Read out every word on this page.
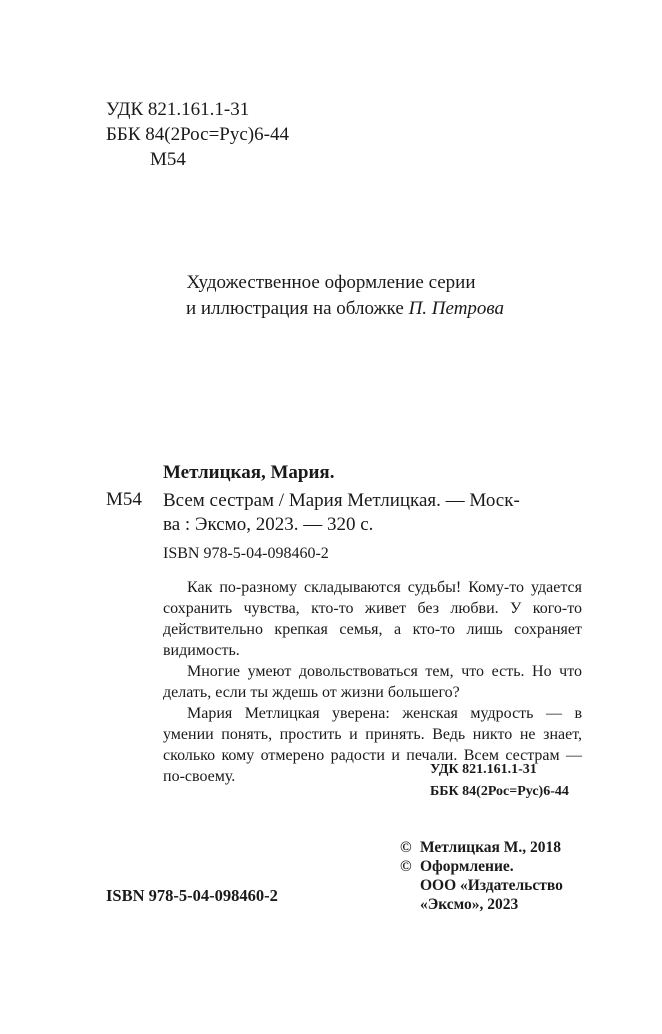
УДК 821.161.1-31
ББК 84(2Рос=Рус)6-44
М54
Художественное оформление серии
и иллюстрация на обложке П. Петрова
Метлицкая, Мария.
М54 Всем сестрам / Мария Метлицкая. — Моск-
ва : Эксмо, 2023. — 320 с.
ISBN 978-5-04-098460-2

Как по-разному складываются судьбы! Кому-то удается сохранить чувства, кто-то живет без любви. У кого-то действительно крепкая семья, а кто-то лишь сохраняет видимость.

Многие умеют довольствоваться тем, что есть. Но что делать, если ты ждешь от жизни большего?

Мария Метлицкая уверена: женская мудрость — в умении понять, простить и принять. Ведь никто не знает, сколько кому отмерено радости и печали. Всем сестрам — по-своему.	УДК 821.161.1-31
ББК 84(2Рос=Рус)6-44
© Метлицкая М., 2018
© Оформление.
ООО «Издательство
«Эксмо», 2023
ISBN 978-5-04-098460-2
